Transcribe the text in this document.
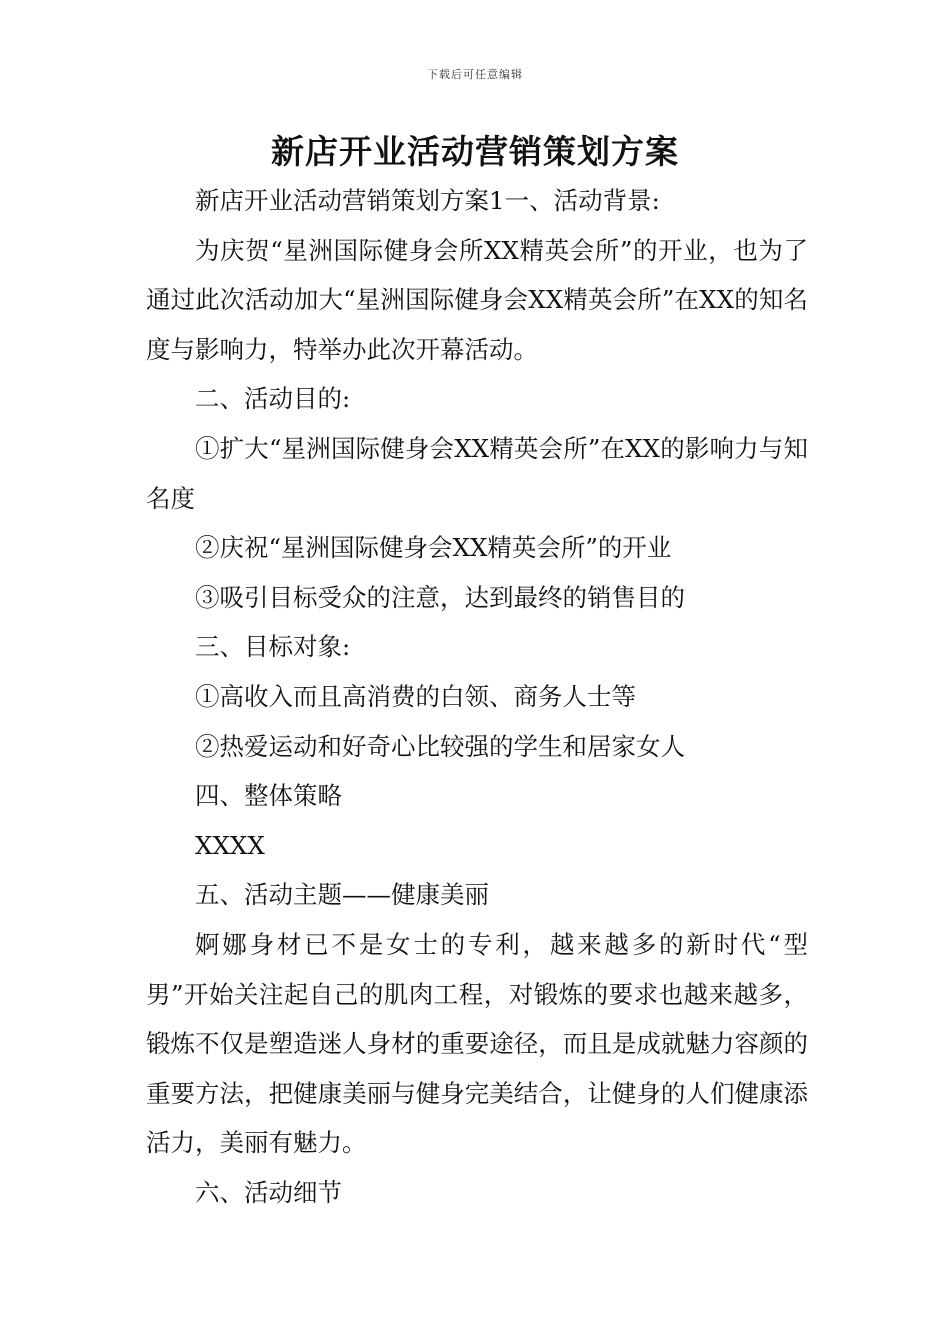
下载后可任意编辑
新店开业活动营销策划方案

新店开业活动营销策划方案1一、活动背景:

为庆贺“星洲国际健身会所XX精英会所”的开业，也为了通过此次活动加大“星洲国际健身会XX精英会所”在XX的知名度与影响力，特举办此次开幕活动。

二、活动目的:

①扩大“星洲国际健身会XX精英会所”在XX的影响力与知名度

②庆祝“星洲国际健身会XX精英会所”的开业

③吸引目标受众的注意，达到最终的销售目的

三、目标对象:

①高收入而且高消费的白领、商务人士等

②热爱运动和好奇心比较强的学生和居家女人

四、整体策略

XXXX

五、活动主题——健康美丽

婀娜身材已不是女士的专利，越来越多的新时代“型男”开始关注起自己的肌肉工程，对锻炼的要求也越来越多，锻炼不仅是塑造迷人身材的重要途径，而且是成就魅力容颜的重要方法，把健康美丽与健身完美结合，让健身的人们健康添活力，美丽有魅力。

六、活动细节
